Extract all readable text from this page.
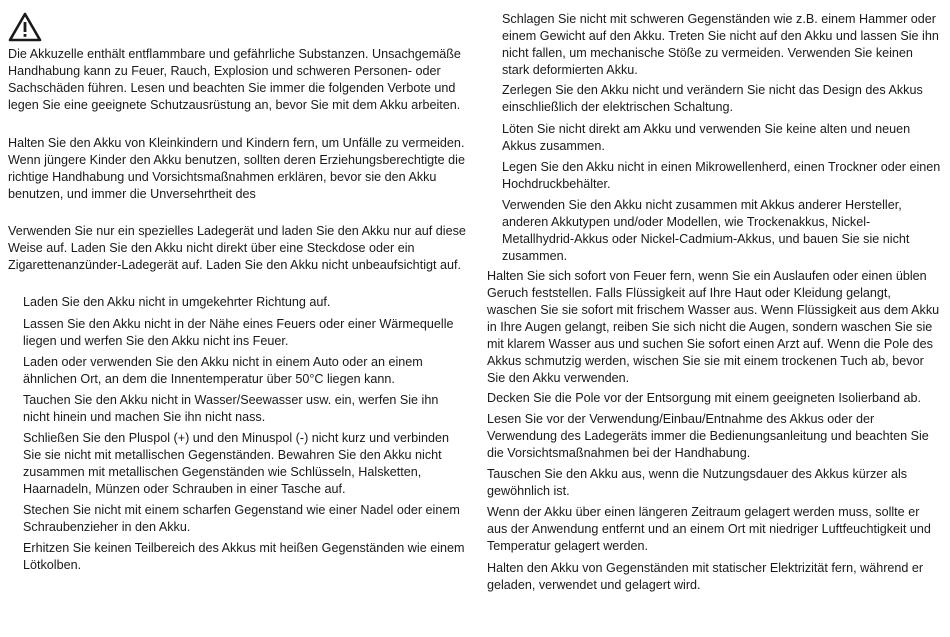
Die Akkuzelle enthält entflammbare und gefährliche Substanzen. Unsachgemäße Handhabung kann zu Feuer, Rauch, Explosion und schweren Personen- oder Sachschäden führen. Lesen und beachten Sie immer die folgenden Verbote und legen Sie eine geeignete Schutzausrüstung an, bevor Sie mit dem Akku arbeiten.

Halten Sie den Akku von Kleinkindern und Kindern fern, um Unfälle zu vermeiden. Wenn jüngere Kinder den Akku benutzen, sollten deren Erziehungsberechtigte die richtige Handhabung und Vorsichtsmaßnahmen erklären, bevor sie den Akku benutzen, und immer die Unversehrtheit des

Verwenden Sie nur ein spezielles Ladegerät und laden Sie den Akku nur auf diese Weise auf. Laden Sie den Akku nicht direkt über eine Steckdose oder ein Zigarettenanzünder-Ladegerät auf. Laden Sie den Akku nicht unbeaufsichtigt auf.

Laden Sie den Akku nicht in umgekehrter Richtung auf.

Lassen Sie den Akku nicht in der Nähe eines Feuers oder einer Wärmequelle liegen und werfen Sie den Akku nicht ins Feuer.

Laden oder verwenden Sie den Akku nicht in einem Auto oder an einem ähnlichen Ort, an dem die Innentemperatur über 50°C liegen kann.

Tauchen Sie den Akku nicht in Wasser/Seewasser usw. ein, werfen Sie ihn nicht hinein und machen Sie ihn nicht nass.

Schließen Sie den Pluspol (+) und den Minuspol (-) nicht kurz und verbinden Sie sie nicht mit metallischen Gegenständen. Bewahren Sie den Akku nicht zusammen mit metallischen Gegenständen wie Schlüsseln, Halsketten, Haarnadeln, Münzen oder Schrauben in einer Tasche auf.

Stechen Sie nicht mit einem scharfen Gegenstand wie einer Nadel oder einem Schraubenzieher in den Akku.

Erhitzen Sie keinen Teilbereich des Akkus mit heißen Gegenständen wie einem Lötkolben.

Schlagen Sie nicht mit schweren Gegenständen wie z.B. einem Hammer oder einem Gewicht auf den Akku. Treten Sie nicht auf den Akku und lassen Sie ihn nicht fallen, um mechanische Stöße zu vermeiden. Verwenden Sie keinen stark deformierten Akku.

Zerlegen Sie den Akku nicht und verändern Sie nicht das Design des Akkus einschließlich der elektrischen Schaltung.

Löten Sie nicht direkt am Akku und verwenden Sie keine alten und neuen Akkus zusammen.

Legen Sie den Akku nicht in einen Mikrowellenherd, einen Trockner oder einen Hochdruckbehälter.

Verwenden Sie den Akku nicht zusammen mit Akkus anderer Hersteller, anderen Akkutypen und/oder Modellen, wie Trockenakkus, Nickel-Metallhydrid-Akkus oder Nickel-Cadmium-Akkus, und bauen Sie sie nicht zusammen.

Halten Sie sich sofort von Feuer fern, wenn Sie ein Auslaufen oder einen üblen Geruch feststellen. Falls Flüssigkeit auf Ihre Haut oder Kleidung gelangt, waschen Sie sie sofort mit frischem Wasser aus. Wenn Flüssigkeit aus dem Akku in Ihre Augen gelangt, reiben Sie sich nicht die Augen, sondern waschen Sie sie mit klarem Wasser aus und suchen Sie sofort einen Arzt auf. Wenn die Pole des Akkus schmutzig werden, wischen Sie sie mit einem trockenen Tuch ab, bevor Sie den Akku verwenden.

Decken Sie die Pole vor der Entsorgung mit einem geeigneten Isolierband ab.

Lesen Sie vor der Verwendung/Einbau/Entnahme des Akkus oder der Verwendung des Ladegeräts immer die Bedienungsanleitung und beachten Sie die Vorsichtsmaßnahmen bei der Handhabung.

Tauschen Sie den Akku aus, wenn die Nutzungsdauer des Akkus kürzer als gewöhnlich ist.

Wenn der Akku über einen längeren Zeitraum gelagert werden muss, sollte er aus der Anwendung entfernt und an einem Ort mit niedriger Luftfeuchtigkeit und Temperatur gelagert werden.

Halten den Akku von Gegenständen mit statischer Elektrizität fern, während er geladen, verwendet und gelagert wird.
